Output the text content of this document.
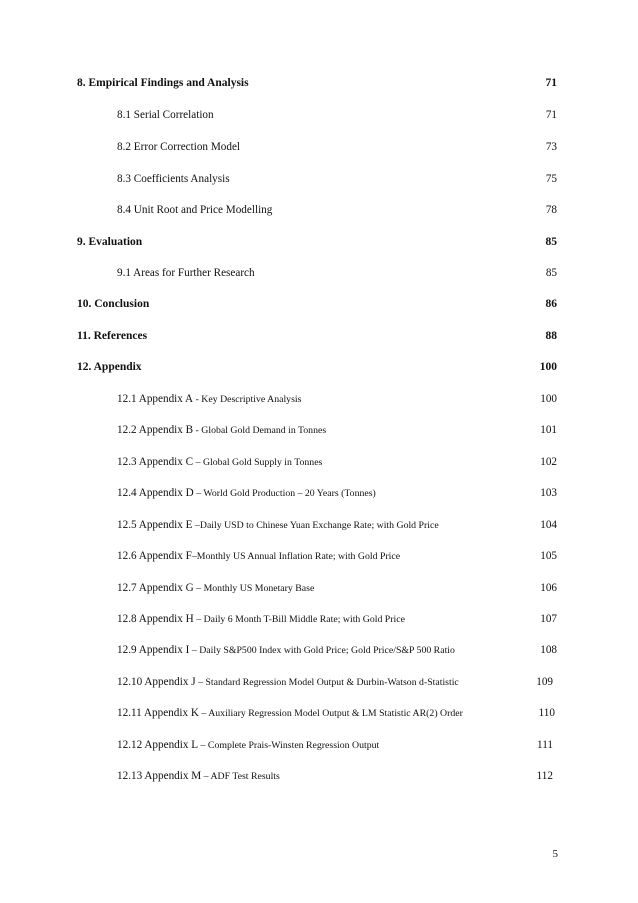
8. Empirical Findings and Analysis	71
8.1 Serial Correlation	71
8.2 Error Correction Model	73
8.3 Coefficients Analysis	75
8.4 Unit Root and Price Modelling	78
9. Evaluation	85
9.1 Areas for Further Research	85
10. Conclusion	86
11. References	88
12. Appendix	100
12.1 Appendix A - Key Descriptive Analysis	100
12.2 Appendix B - Global Gold Demand in Tonnes	101
12.3 Appendix C – Global Gold Supply in Tonnes	102
12.4 Appendix D – World Gold Production – 20 Years (Tonnes)	103
12.5 Appendix E –Daily USD to Chinese Yuan Exchange Rate; with Gold Price	104
12.6 Appendix F–Monthly US Annual Inflation Rate; with Gold Price	105
12.7 Appendix G – Monthly US Monetary Base	106
12.8 Appendix H – Daily 6 Month T-Bill Middle Rate; with Gold Price	107
12.9 Appendix I – Daily S&P500 Index with Gold Price; Gold Price/S&P 500 Ratio	108
12.10 Appendix J – Standard Regression Model Output & Durbin-Watson d-Statistic	109
12.11 Appendix K – Auxiliary Regression Model Output & LM Statistic AR(2) Order	110
12.12 Appendix L – Complete Prais-Winsten Regression Output	111
12.13 Appendix M – ADF Test Results	112
5
